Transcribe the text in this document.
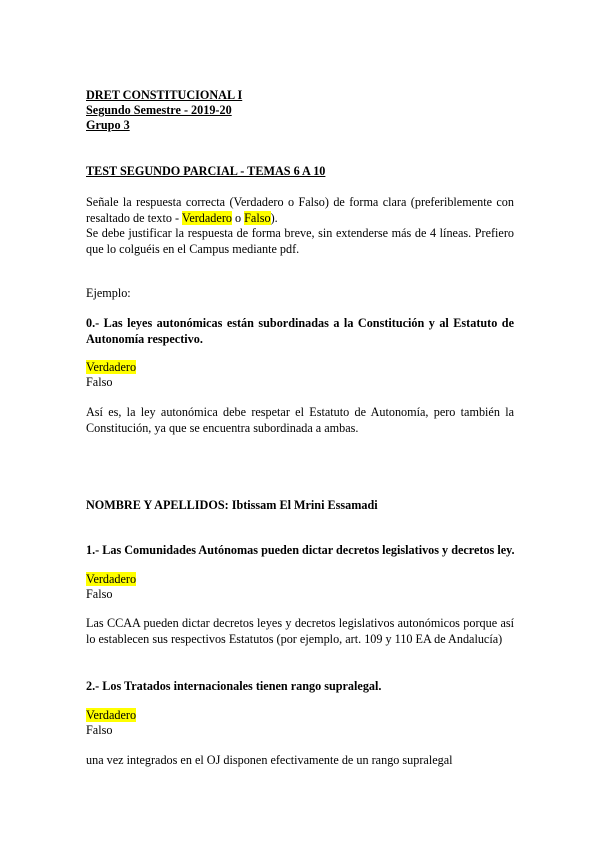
DRET CONSTITUCIONAL I
Segundo Semestre - 2019-20
Grupo 3
TEST SEGUNDO PARCIAL - TEMAS 6 A 10
Señale la respuesta correcta (Verdadero o Falso) de forma clara (preferiblemente con resaltado de texto - Verdadero o Falso).
Se debe justificar la respuesta de forma breve, sin extenderse más de 4 líneas. Prefiero que lo colguéis en el Campus mediante pdf.
Ejemplo:
0.- Las leyes autonómicas están subordinadas a la Constitución y al Estatuto de Autonomía respectivo.
Verdadero
Falso
Así es, la ley autonómica debe respetar el Estatuto de Autonomía, pero también la Constitución, ya que se encuentra subordinada a ambas.
NOMBRE Y APELLIDOS: Ibtissam El Mrini Essamadi
1.- Las Comunidades Autónomas pueden dictar decretos legislativos y decretos ley.
Verdadero
Falso
Las CCAA pueden dictar decretos leyes y decretos legislativos autonómicos porque así lo establecen sus respectivos Estatutos (por ejemplo, art. 109 y 110 EA de Andalucía)
2.- Los Tratados internacionales tienen rango supralegal.
Verdadero
Falso
una vez integrados en el OJ disponen efectivamente de un rango supralegal
